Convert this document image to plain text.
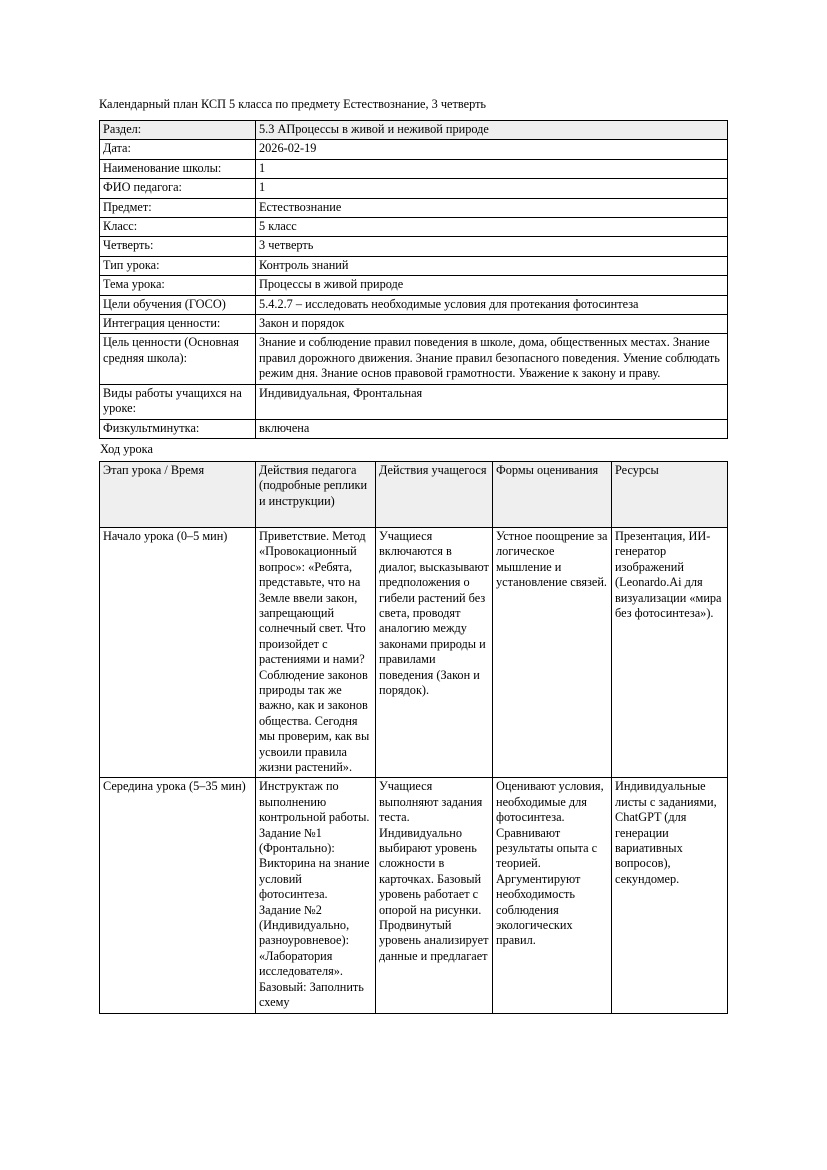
Календарный план КСП 5 класса по предмету Естествознание, 3 четверть
Раздел:	5.3 АПроцессы в живой и неживой природе
Дата:	2026-02-19
Наименование школы:	1
ФИО педагога:	1
Предмет:	Естествознание
Класс:	5 класс
Четверть:	3 четверть
Тип урока:	Контроль знаний
Тема урока:	Процессы в живой природе
Цели обучения (ГОСО)	5.4.2.7 – исследовать необходимые условия для протекания фотосинтеза
Интеграция ценности:	Закон и порядок
Цель ценности (Основная средняя школа):	Знание и соблюдение правил поведения в школе, дома, общественных местах. Знание правил дорожного движения. Знание правил безопасного поведения. Умение соблюдать режим дня. Знание основ правовой грамотности. Уважение к закону и праву.
Виды работы учащихся на уроке:	Индивидуальная, Фронтальная
Физкультминутка:	включена
Ход урока
Этап урока / Время	Действия педагога (подробные реплики и инструкции)	Действия учащегося	Формы оценивания	Ресурсы
Начало урока (0–5 мин)	Приветствие. Метод «Провокационный вопрос»: «Ребята, представьте, что на Земле ввели закон, запрещающий солнечный свет. Что произойдет с растениями и нами? Соблюдение законов природы так же важно, как и законов общества. Сегодня мы проверим, как вы усвоили правила жизни растений».	Учащиеся включаются в диалог, высказывают предположения о гибели растений без света, проводят аналогию между законами природы и правилами поведения (Закон и порядок).	Устное поощрение за логическое мышление и установление связей.	Презентация, ИИ-генератор изображений (Leonardo.Ai для визуализации «мира без фотосинтеза»).
Середина урока (5–35 мин)	Инструктаж по выполнению контрольной работы. Задание №1 (Фронтально): Викторина на знание условий фотосинтеза. Задание №2 (Индивидуально, разноуровневое): «Лаборатория исследователя». Базовый: Заполнить схему	Учащиеся выполняют задания теста. Индивидуально выбирают уровень сложности в карточках. Базовый уровень работает с опорой на рисунки. Продвинутый уровень анализирует данные и предлагает	Оценивают условия, необходимые для фотосинтеза. Сравнивают результаты опыта с теорией. Аргументируют необходимость соблюдения экологических правил.	Индивидуальные листы с заданиями, ChatGPT (для генерации вариативных вопросов), секундомер.
